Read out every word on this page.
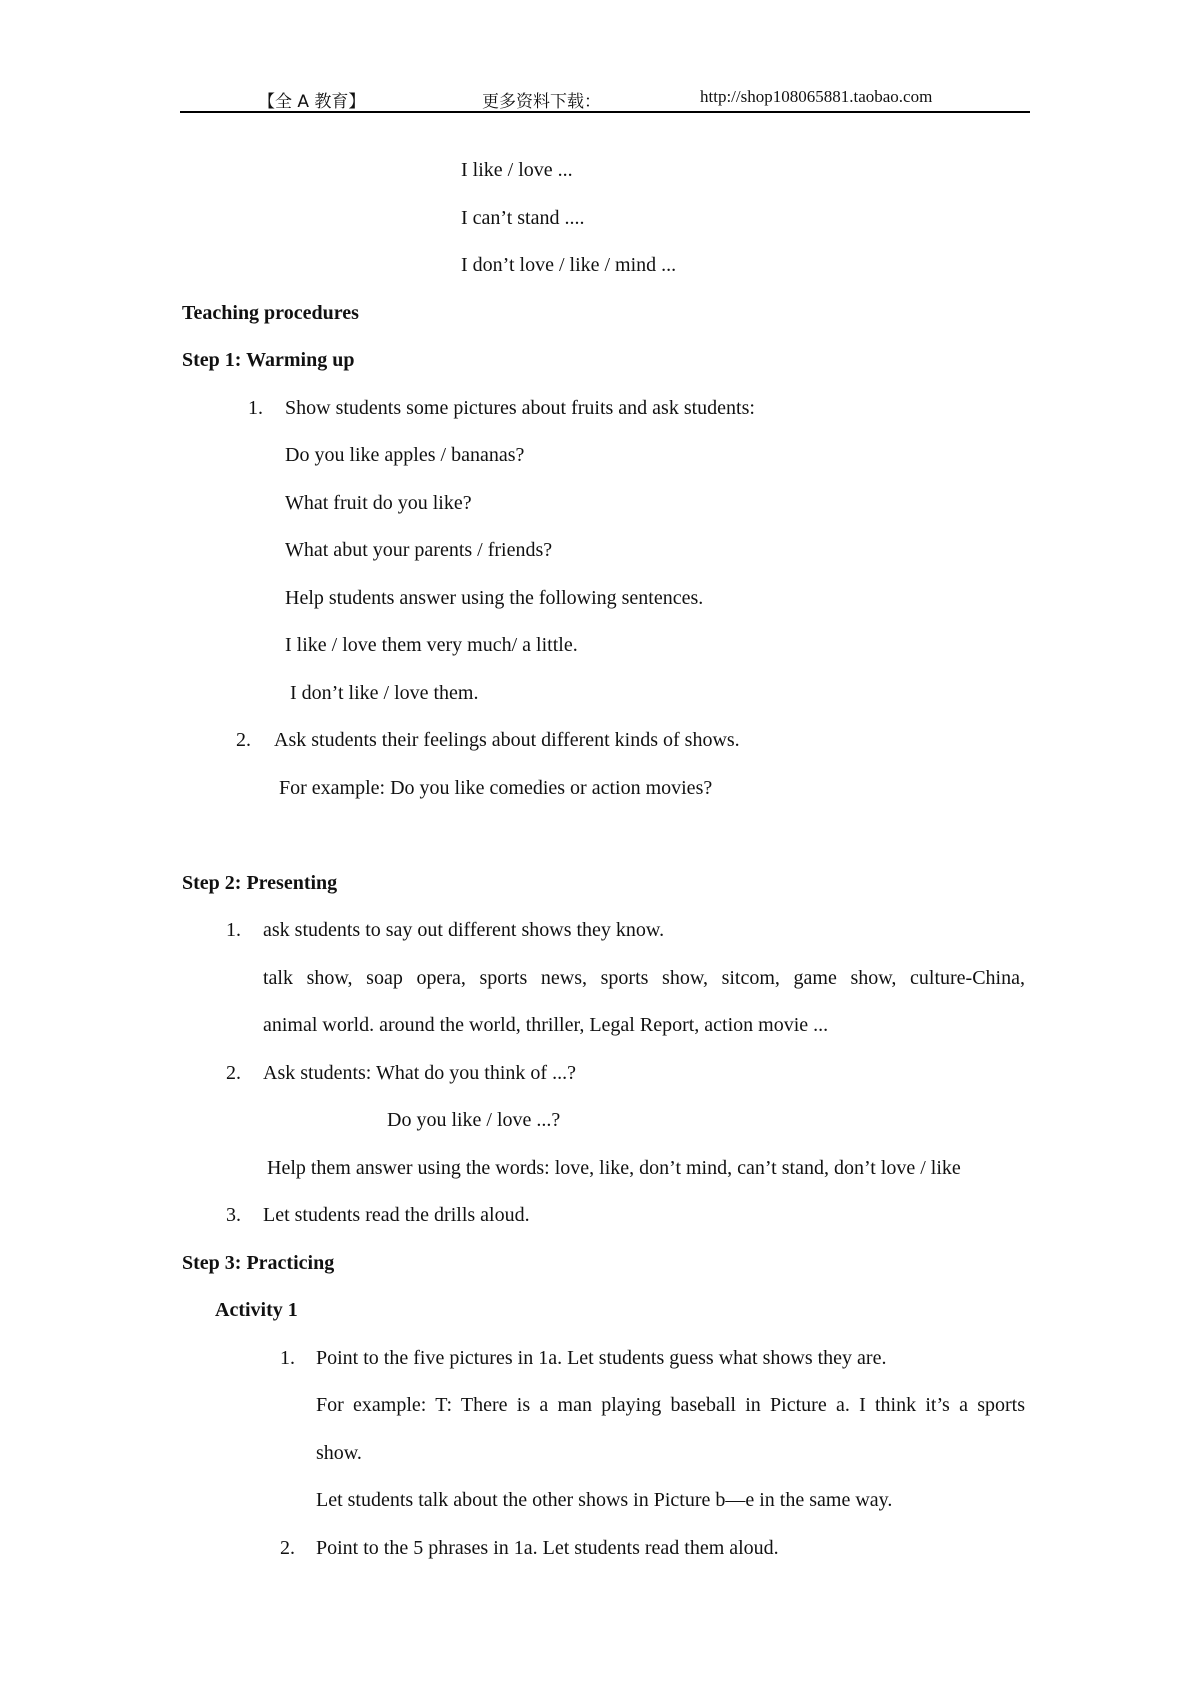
【全 A 教育】	更多资料下载：	http://shop108065881.taobao.com
I like / love ...
I can’t stand ....
I don’t love / like / mind ...
Teaching procedures
Step 1: Warming up
1. Show students some pictures about fruits and ask students:
Do you like apples / bananas?
What fruit do you like?
What abut your parents / friends?
Help students answer using the following sentences.
I like / love them very much/ a little.
I don’t like / love them.
2. Ask students their feelings about different kinds of shows.
For example: Do you like comedies or action movies?
Step 2: Presenting
1. ask students to say out different shows they know.
talk show, soap opera, sports news, sports show, sitcom, game show, culture-China,
animal world. around the world, thriller, Legal Report, action movie ...
2. Ask students: What do you think of ...?
Do you like / love ...?
Help them answer using the words: love, like, don’t mind, can’t stand, don’t love / like
3. Let students read the drills aloud.
Step 3: Practicing
Activity 1
1. Point to the five pictures in 1a. Let students guess what shows they are.
For example: T: There is a man playing baseball in Picture a. I think it’s a sports
show.
Let students talk about the other shows in Picture b—e in the same way.
2. Point to the 5 phrases in 1a. Let students read them aloud.
